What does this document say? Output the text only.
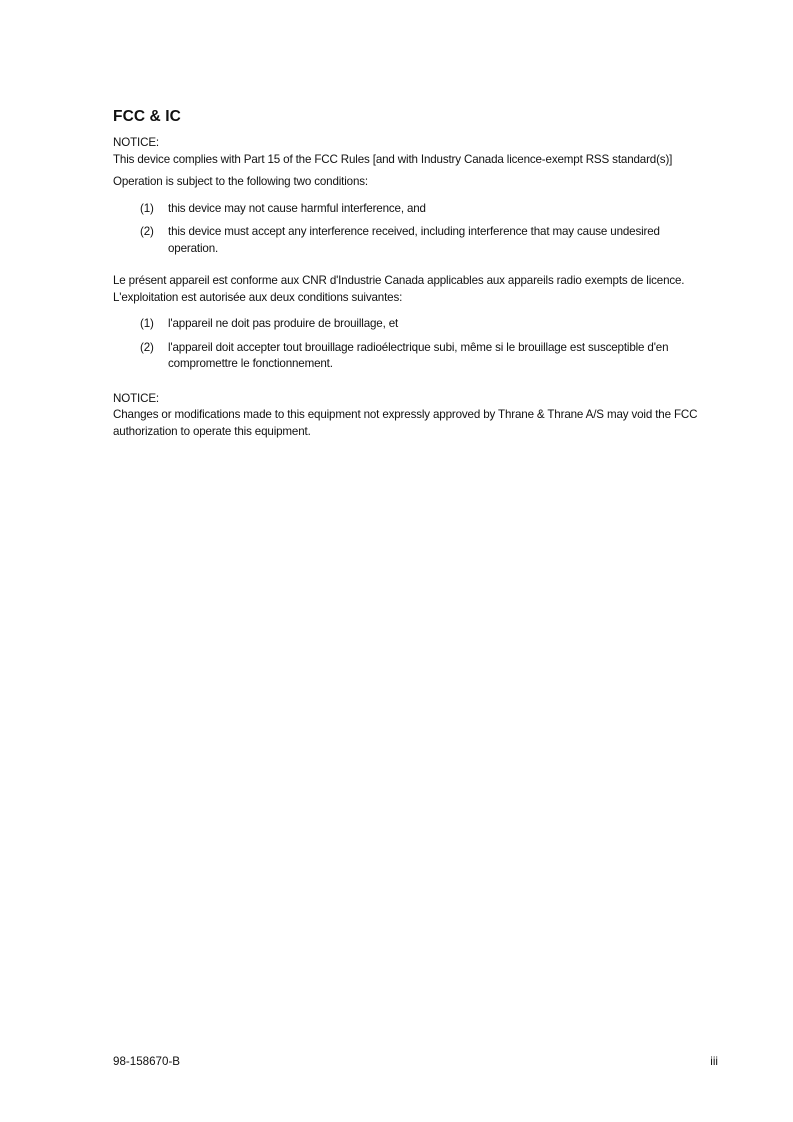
FCC & IC

NOTICE:
This device complies with Part 15 of the FCC Rules [and with Industry Canada licence-exempt RSS standard(s)]

Operation is subject to the following two conditions:

(1)	this device may not cause harmful interference, and
(2)	this device must accept any interference received, including interference that may cause undesired operation.

Le présent appareil est conforme aux CNR d'Industrie Canada applicables aux appareils radio exempts de licence. L'exploitation est autorisée aux deux conditions suivantes:

(1)	l'appareil ne doit pas produire de brouillage, et
(2)	l'appareil doit accepter tout brouillage radioélectrique subi, même si le brouillage est susceptible d'en compromettre le fonctionnement.

NOTICE:
Changes or modifications made to this equipment not expressly approved by Thrane & Thrane A/S may void the FCC authorization to operate this equipment.

98-158670-B	iii
